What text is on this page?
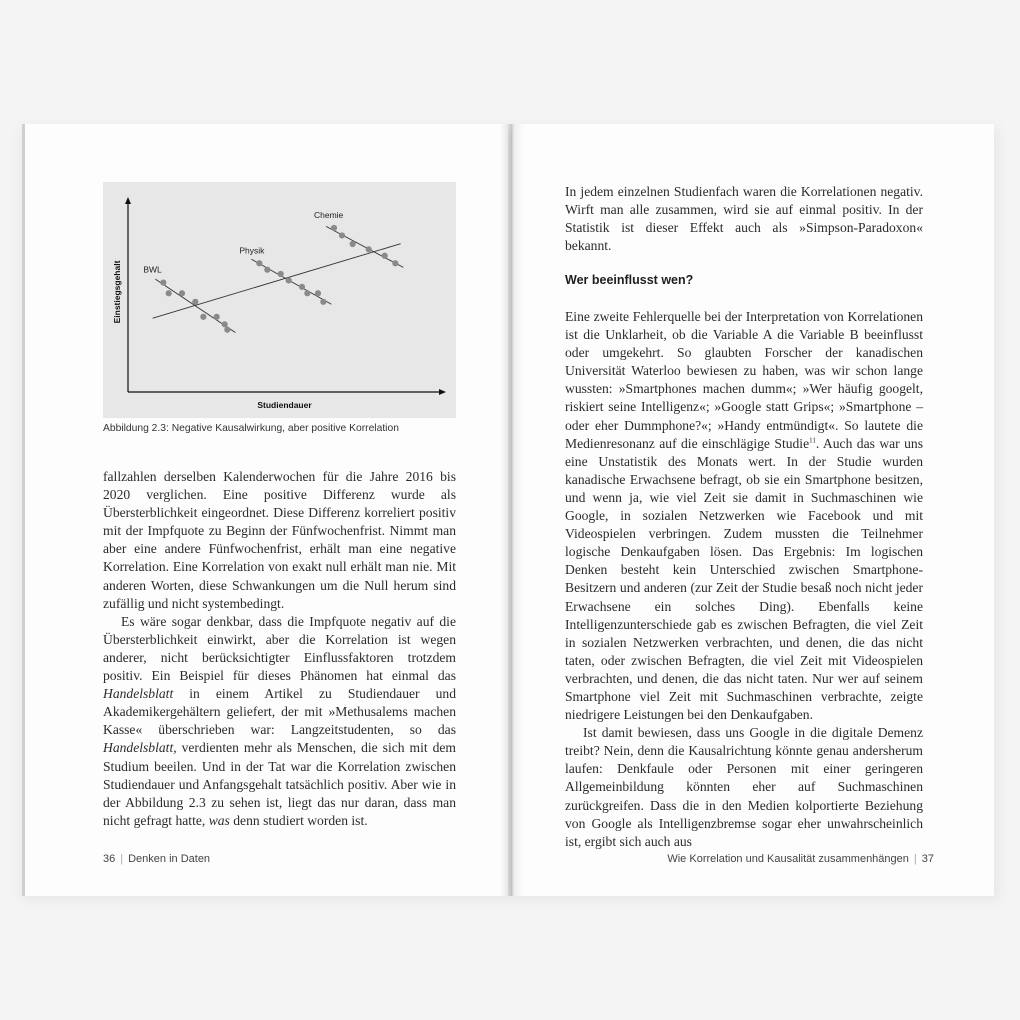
Studiendauer
Einstiegsgehalt	BWL
Physik
Chemie
Abbildung 2.3: Negative Kausalwirkung, aber positive Korrelation

fallzahlen derselben Kalenderwochen für die Jahre 2016 bis 2020 verglichen. Eine positive Differenz wurde als Übersterblichkeit eingeordnet. Diese Differenz korreliert positiv mit der Impfquote zu Beginn der Fünfwochenfrist. Nimmt man aber eine andere Fünfwochenfrist, erhält man eine negative Korrelation. Eine Korrelation von exakt null erhält man nie. Mit anderen Worten, diese Schwankungen um die Null herum sind zufällig und nicht systembedingt.

Es wäre sogar denkbar, dass die Impfquote negativ auf die Übersterblichkeit einwirkt, aber die Korrelation ist wegen anderer, nicht berücksichtigter Einflussfaktoren trotzdem positiv. Ein Beispiel für dieses Phänomen hat einmal das Handelsblatt in einem Artikel zu Studiendauer und Akademikergehältern geliefert, der mit »Methusalems machen Kasse« überschrieben war: Langzeitstudenten, so das Handelsblatt, verdienten mehr als Menschen, die sich mit dem Studium beeilen. Und in der Tat war die Korrelation zwischen Studiendauer und Anfangsgehalt tatsächlich positiv. Aber wie in der Abbildung 2.3 zu sehen ist, liegt das nur daran, dass man nicht gefragt hatte, was denn studiert worden ist.

In jedem einzelnen Studienfach waren die Korrelationen negativ. Wirft man alle zusammen, wird sie auf einmal positiv. In der Statistik ist dieser Effekt auch als »Simpson-Paradoxon« bekannt.

Wer beeinflusst wen?

Eine zweite Fehlerquelle bei der Interpretation von Korrelationen ist die Unklarheit, ob die Variable A die Variable B beeinflusst oder umgekehrt. So glaubten Forscher der kanadischen Universität Waterloo bewiesen zu haben, was wir schon lange wussten: »Smartphones machen dumm«; »Wer häufig googelt, riskiert seine Intelligenz«; »Google statt Grips«; »Smartphone – oder eher Dummphone?«; »Handy entmündigt«. So lautete die Medienresonanz auf die einschlägige Studie$^{11}$. Auch das war uns eine Unstatistik des Monats wert. In der Studie wurden kanadische Erwachsene befragt, ob sie ein Smartphone besitzen, und wenn ja, wie viel Zeit sie damit in Suchmaschinen wie Google, in sozialen Netzwerken wie Facebook und mit Videospielen verbringen. Zudem mussten die Teilnehmer logische Denkaufgaben lösen. Das Ergebnis: Im logischen Denken besteht kein Unterschied zwischen Smartphone-Besitzern und anderen (zur Zeit der Studie besaß noch nicht jeder Erwachsene ein solches Ding). Ebenfalls keine Intelligenzunterschiede gab es zwischen Befragten, die viel Zeit in sozialen Netzwerken verbrachten, und denen, die das nicht taten, oder zwischen Befragten, die viel Zeit mit Videospielen verbrachten, und denen, die das nicht taten. Nur wer auf seinem Smartphone viel Zeit mit Suchmaschinen verbrachte, zeigte niedrigere Leistungen bei den Denkaufgaben.

Ist damit bewiesen, dass uns Google in die digitale Demenz treibt? Nein, denn die Kausalrichtung könnte genau andersherum laufen: Denkfaule oder Personen mit einer geringeren Allgemeinbildung könnten eher auf Suchmaschinen zurückgreifen. Dass die in den Medien kolportierte Beziehung von Google als Intelligenzbremse sogar eher unwahrscheinlich ist, ergibt sich auch aus

36 | Denken in Daten	Wie Korrelation und Kausalität zusammenhängen | 37
